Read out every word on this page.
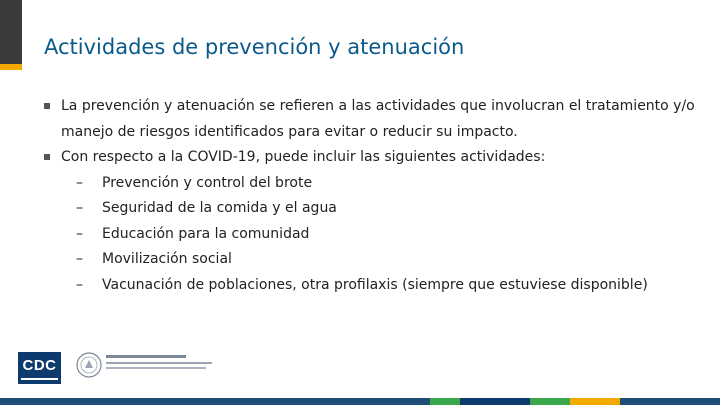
Actividades de prevención y atenuación
La prevención y atenuación se refieren a las actividades que involucran el tratamiento y/o manejo de riesgos identificados para evitar o reducir su impacto.
Con respecto a la COVID-19, puede incluir las siguientes actividades:
– Prevención y control del brote
– Seguridad de la comida y el agua
– Educación para la comunidad
– Movilización social
– Vacunación de poblaciones, otra profilaxis (siempre que estuviese disponible)
CDC
